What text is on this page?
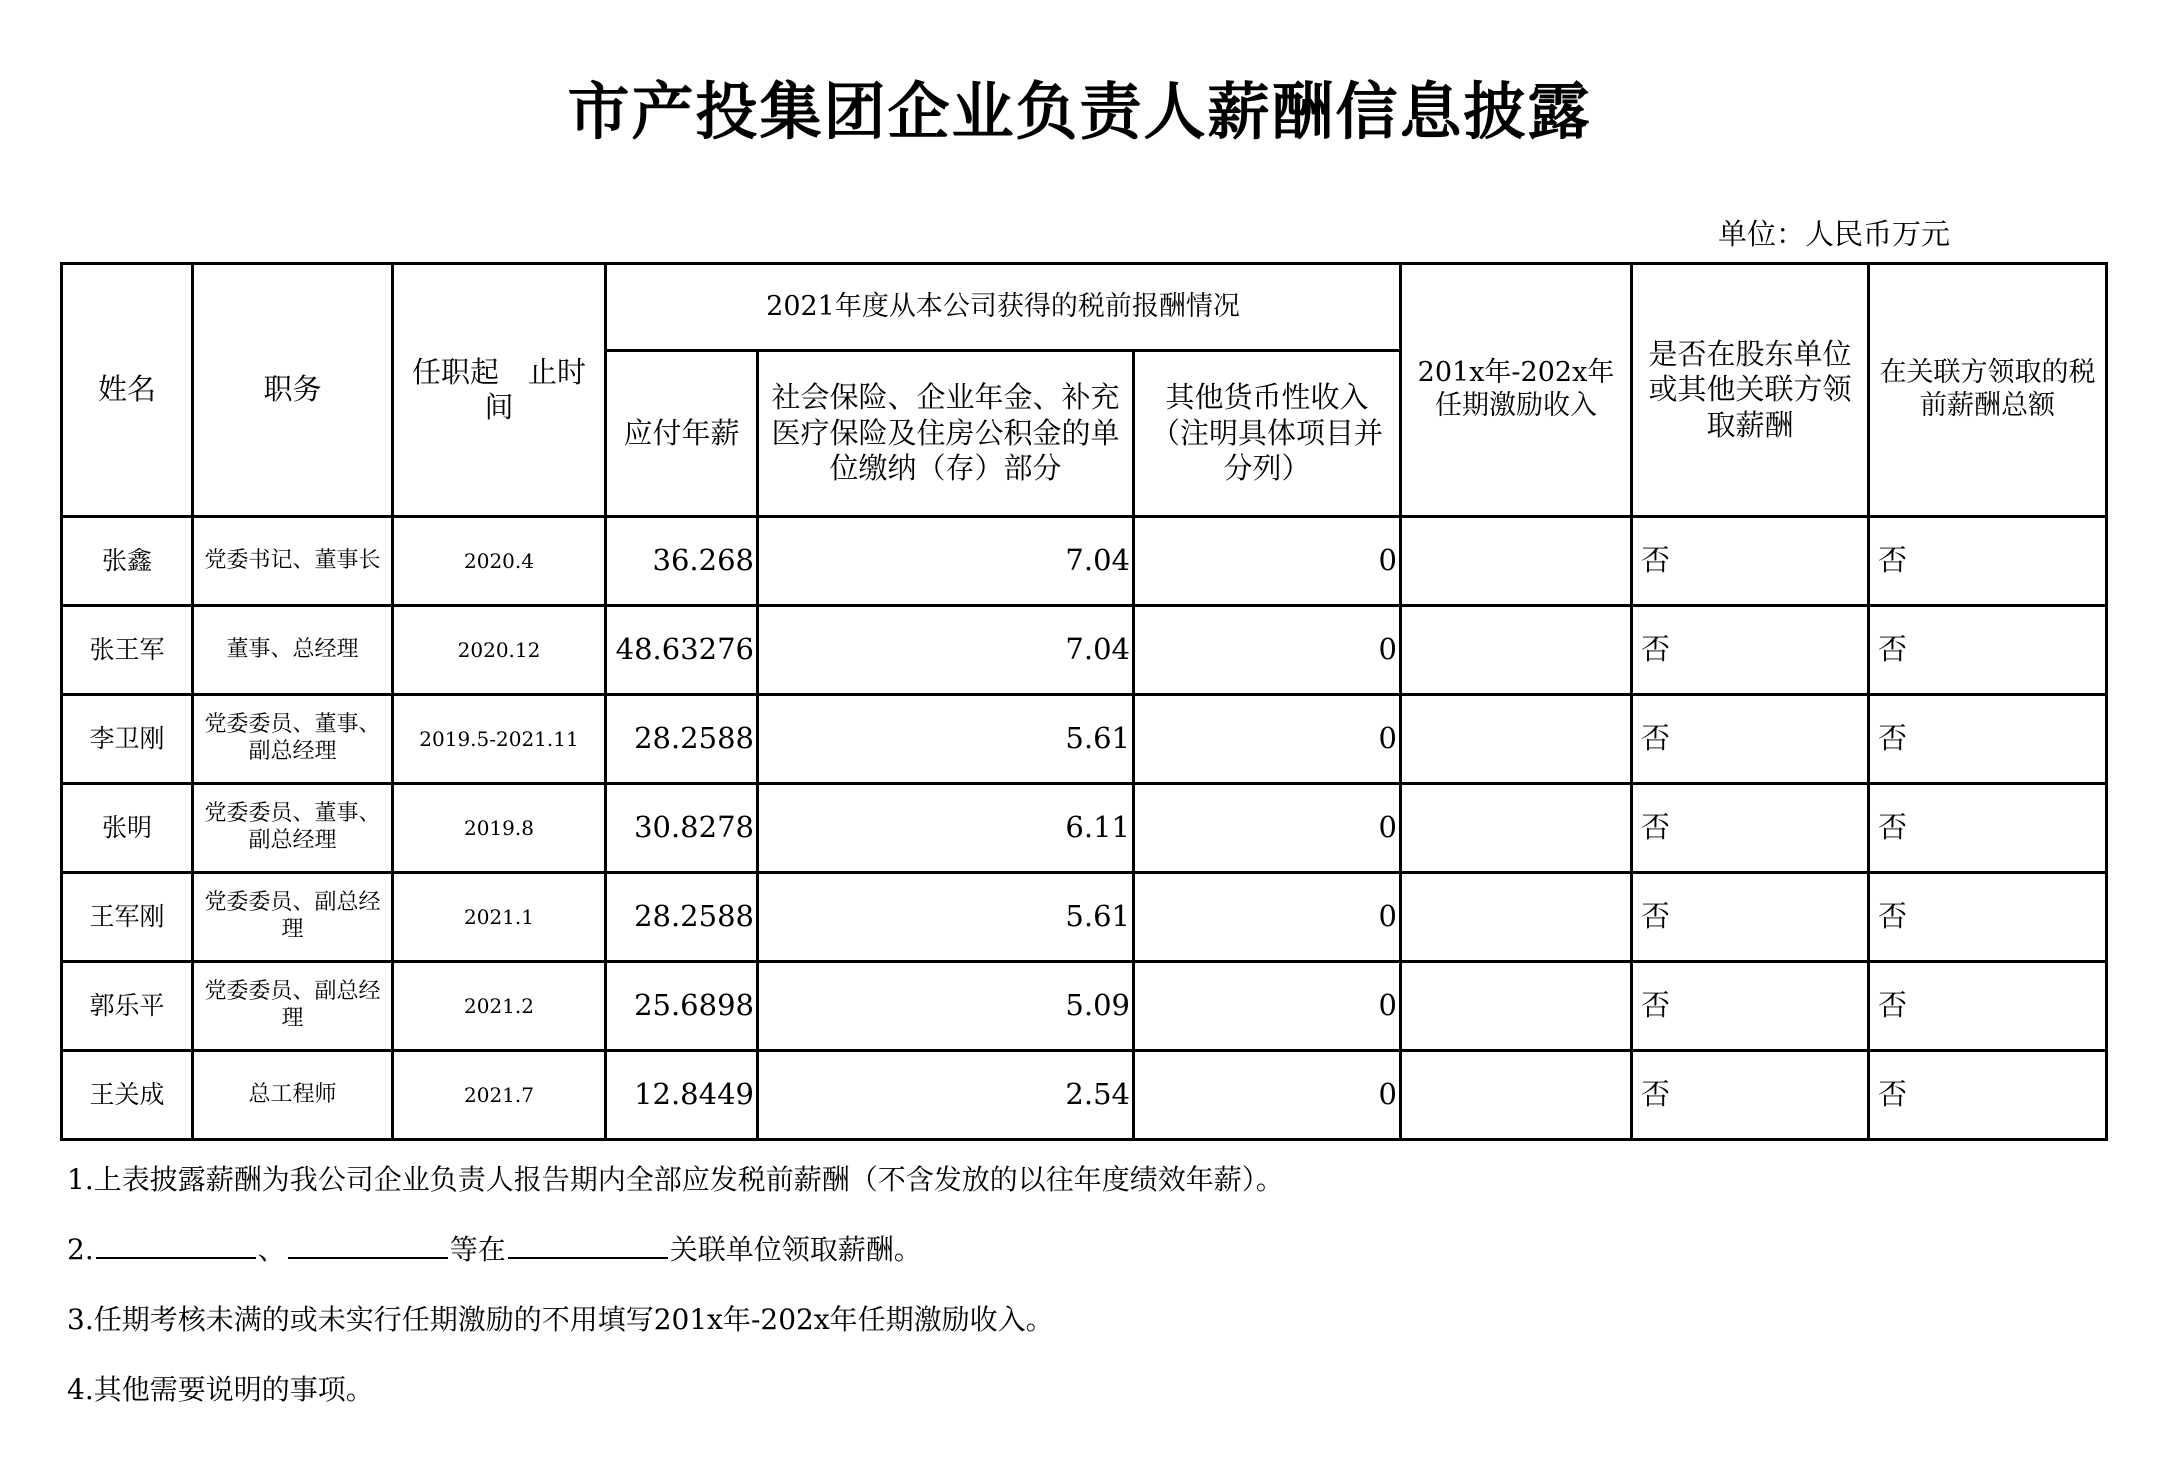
市产投集团企业负责人薪酬信息披露
单位：人民币万元
姓名	职务	任职起　止时间	2021年度从本公司获得的税前报酬情况			201x年-202x年任期激励收入	是否在股东单位或其他关联方领取薪酬	在关联方领取的税前薪酬总额
			应付年薪	社会保险、企业年金、补充医疗保险及住房公积金的单位缴纳（存）部分	其他货币性收入（注明具体项目并分列）			
张鑫	党委书记、董事长	2020.4	36.268	7.04	0		否	否
张王军	董事、总经理	2020.12	48.63276	7.04	0		否	否
李卫刚	党委委员、董事、副总经理	2019.5-2021.11	28.2588	5.61	0		否	否
张明	党委委员、董事、副总经理	2019.8	30.8278	6.11	0		否	否
王军刚	党委委员、副总经理	2021.1	28.2588	5.61	0		否	否
郭乐平	党委委员、副总经理	2021.2	25.6898	5.09	0		否	否
王关成	总工程师	2021.7	12.8449	2.54	0		否	否
1.上表披露薪酬为我公司企业负责人报告期内全部应发税前薪酬（不含发放的以往年度绩效年薪）。
2.	、	等在	关联单位领取薪酬。
3.任期考核未满的或未实行任期激励的不用填写201x年-202x年任期激励收入。
4.其他需要说明的事项。
